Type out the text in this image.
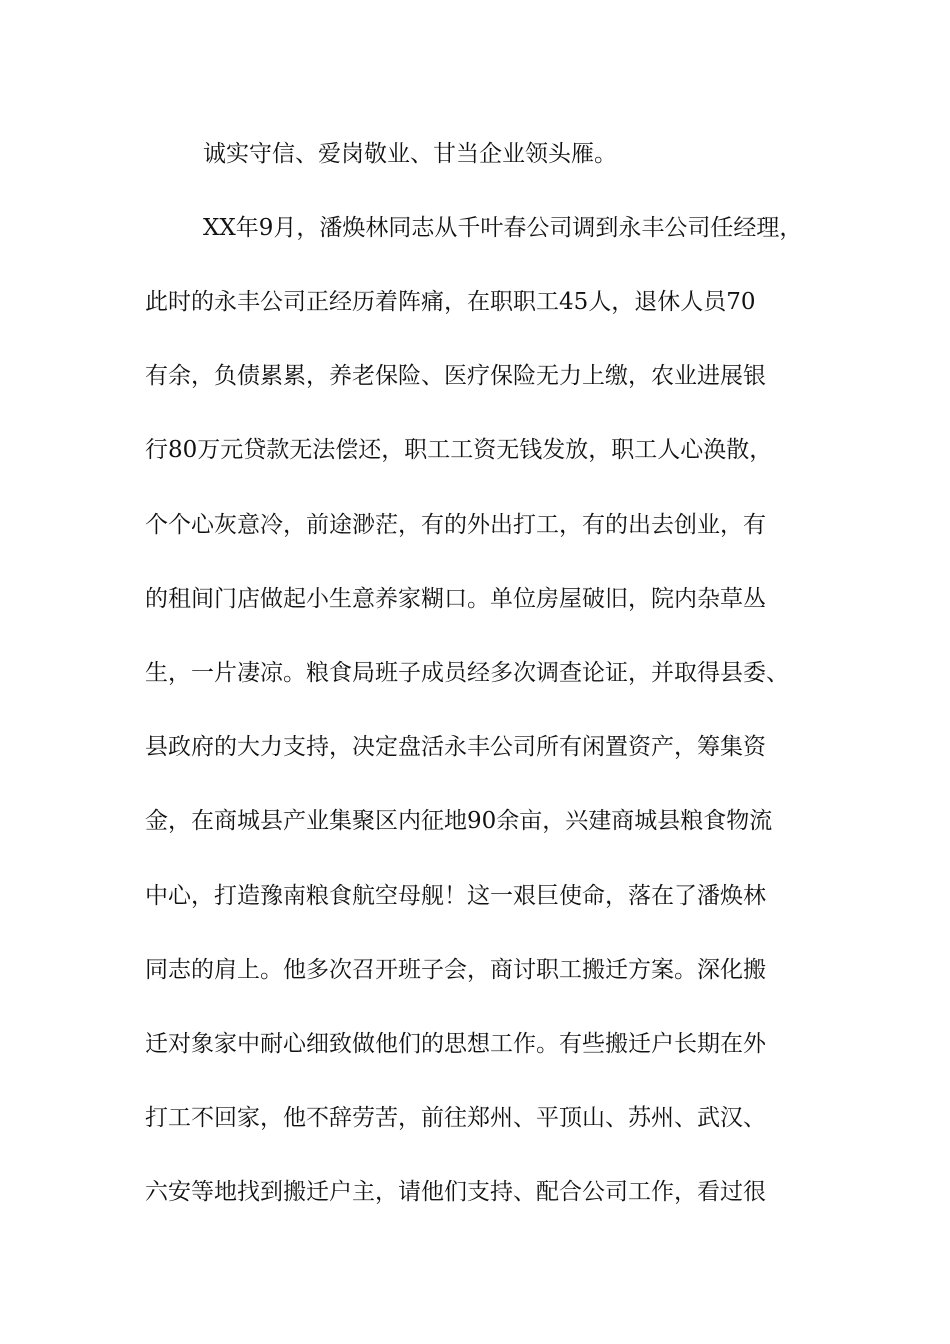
诚实守信、爱岗敬业、甘当企业领头雁。
XX年9月，潘焕林同志从千叶春公司调到永丰公司任经理，
此时的永丰公司正经历着阵痛，在职职工45人，退休人员70
有余，负债累累，养老保险、医疗保险无力上缴，农业进展银
行80万元贷款无法偿还，职工工资无钱发放，职工人心涣散，
个个心灰意冷，前途渺茫，有的外出打工，有的出去创业，有
的租间门店做起小生意养家糊口。单位房屋破旧，院内杂草丛
生，一片凄凉。粮食局班子成员经多次调查论证，并取得县委、
县政府的大力支持，决定盘活永丰公司所有闲置资产，筹集资
金，在商城县产业集聚区内征地90余亩，兴建商城县粮食物流
中心，打造豫南粮食航空母舰！这一艰巨使命，落在了潘焕林
同志的肩上。他多次召开班子会，商讨职工搬迁方案。深化搬
迁对象家中耐心细致做他们的思想工作。有些搬迁户长期在外
打工不回家，他不辞劳苦，前往郑州、平顶山、苏州、武汉、
六安等地找到搬迁户主，请他们支持、配合公司工作，看过很
